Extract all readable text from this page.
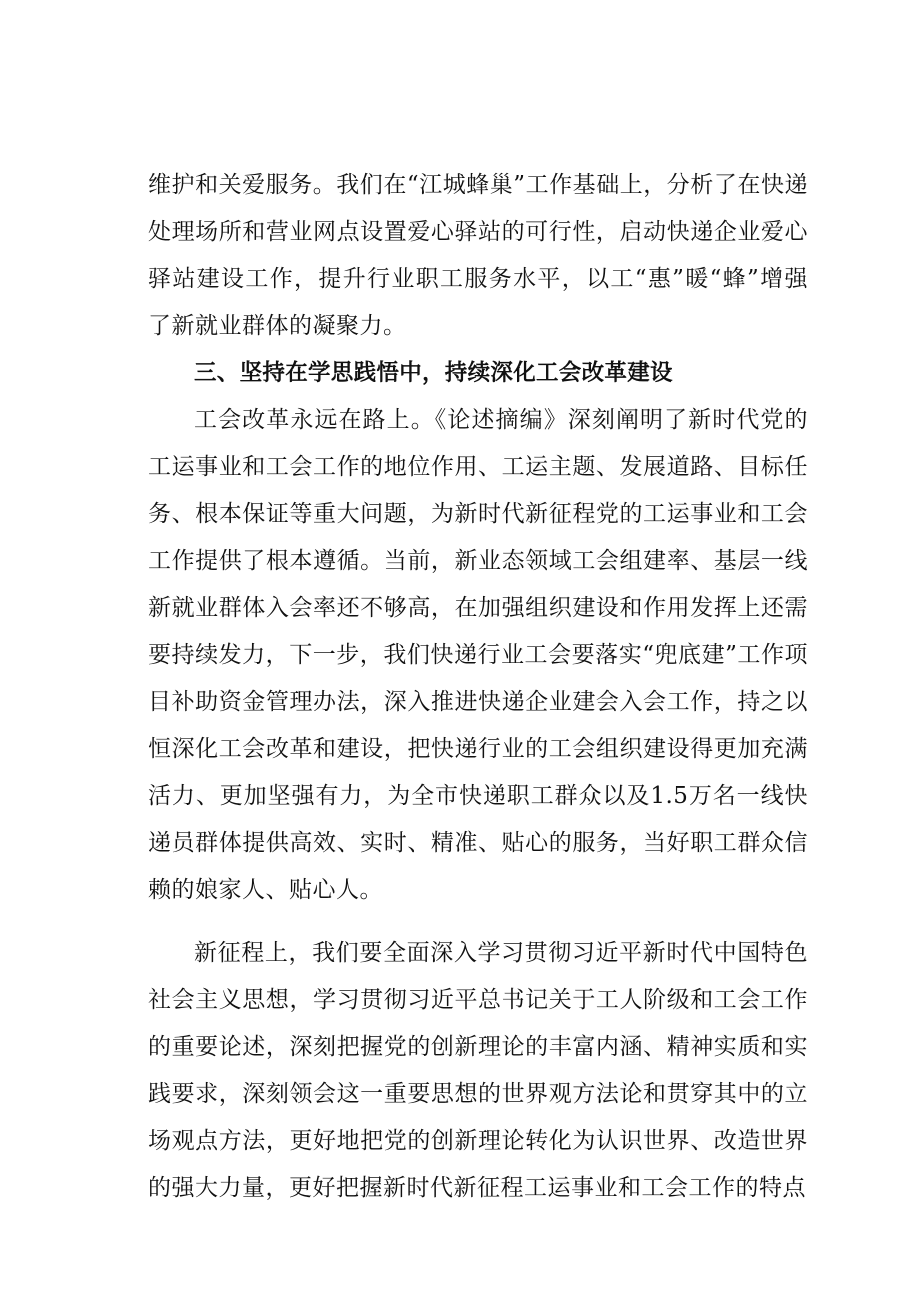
维护和关爱服务。我们在“江城蜂巢”工作基础上，分析了在快递处理场所和营业网点设置爱心驿站的可行性，启动快递企业爱心驿站建设工作，提升行业职工服务水平，以工“惠”暖“蜂”增强了新就业群体的凝聚力。

三、坚持在学思践悟中，持续深化工会改革建设

工会改革永远在路上。《论述摘编》深刻阐明了新时代党的工运事业和工会工作的地位作用、工运主题、发展道路、目标任务、根本保证等重大问题，为新时代新征程党的工运事业和工会工作提供了根本遵循。当前，新业态领域工会组建率、基层一线新就业群体入会率还不够高，在加强组织建设和作用发挥上还需要持续发力，下一步，我们快递行业工会要落实“兜底建”工作项目补助资金管理办法，深入推进快递企业建会入会工作，持之以恒深化工会改革和建设，把快递行业的工会组织建设得更加充满活力、更加坚强有力，为全市快递职工群众以及1.5万名一线快递员群体提供高效、实时、精准、贴心的服务，当好职工群众信赖的娘家人、贴心人。

新征程上，我们要全面深入学习贯彻习近平新时代中国特色社会主义思想，学习贯彻习近平总书记关于工人阶级和工会工作的重要论述，深刻把握党的创新理论的丰富内涵、精神实质和实践要求，深刻领会这一重要思想的世界观方法论和贯穿其中的立场观点方法，更好地把党的创新理论转化为认识世界、改造世界的强大力量，更好把握新时代新征程工运事业和工会工作的特点
